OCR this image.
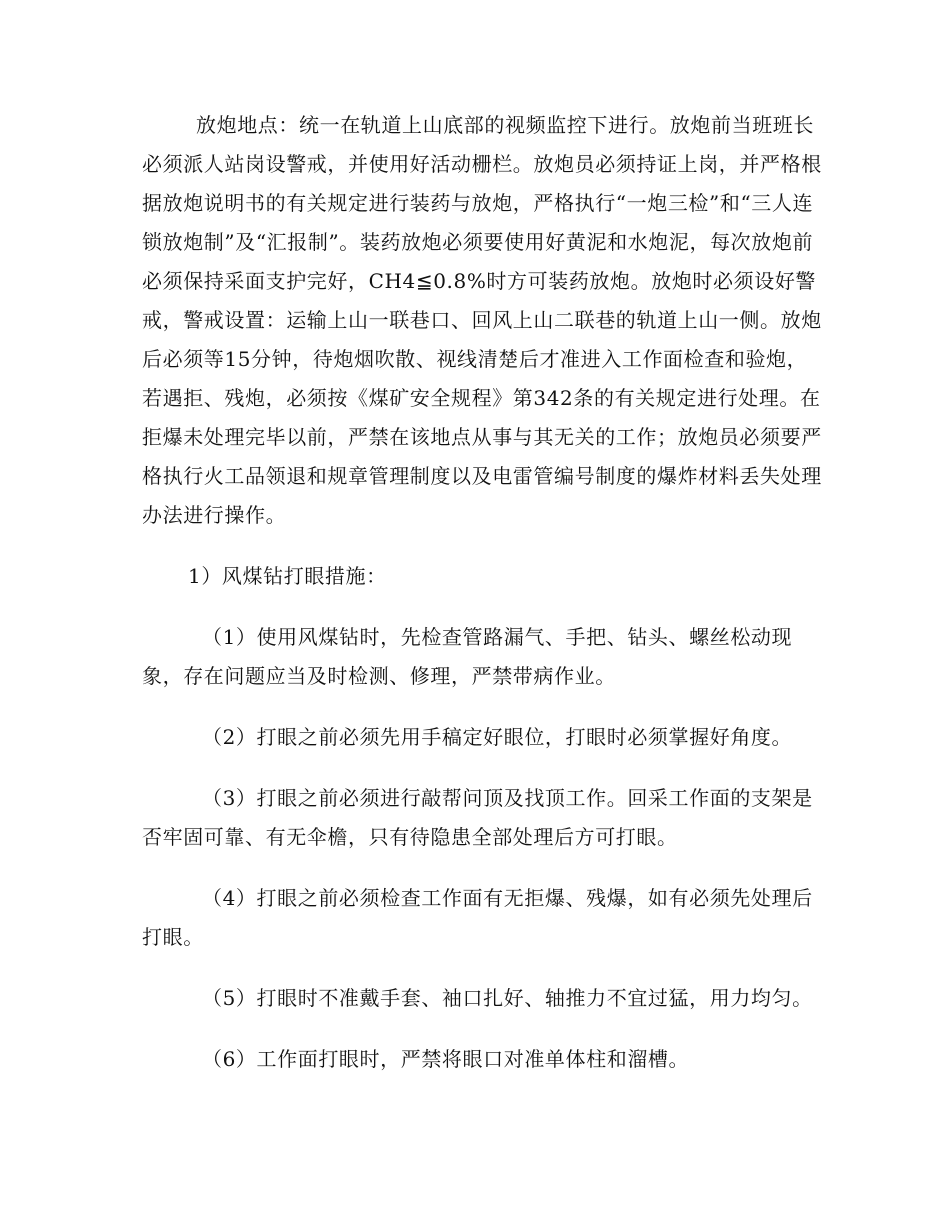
放炮地点：统一在轨道上山底部的视频监控下进行。放炮前当班班长必须派人站岗设警戒，并使用好活动栅栏。放炮员必须持证上岗，并严格根据放炮说明书的有关规定进行装药与放炮，严格执行“一炮三检”和“三人连锁放炮制”及“汇报制”。装药放炮必须要使用好黄泥和水炮泥，每次放炮前必须保持采面支护完好，CH4≦0.8%时方可装药放炮。放炮时必须设好警戒，警戒设置：运输上山一联巷口、回风上山二联巷的轨道上山一侧。放炮后必须等15分钟，待炮烟吹散、视线清楚后才准进入工作面检查和验炮，若遇拒、残炮，必须按《煤矿安全规程》第342条的有关规定进行处理。在拒爆未处理完毕以前，严禁在该地点从事与其无关的工作；放炮员必须要严格执行火工品领退和规章管理制度以及电雷管编号制度的爆炸材料丢失处理办法进行操作。

1）风煤钻打眼措施：

（1）使用风煤钻时，先检查管路漏气、手把、钻头、螺丝松动现象，存在问题应当及时检测、修理，严禁带病作业。

（2）打眼之前必须先用手稿定好眼位，打眼时必须掌握好角度。

（3）打眼之前必须进行敲帮问顶及找顶工作。回采工作面的支架是否牢固可靠、有无伞檐，只有待隐患全部处理后方可打眼。

（4）打眼之前必须检查工作面有无拒爆、残爆，如有必须先处理后打眼。

（5）打眼时不准戴手套、袖口扎好、轴推力不宜过猛，用力均匀。

（6）工作面打眼时，严禁将眼口对准单体柱和溜槽。
